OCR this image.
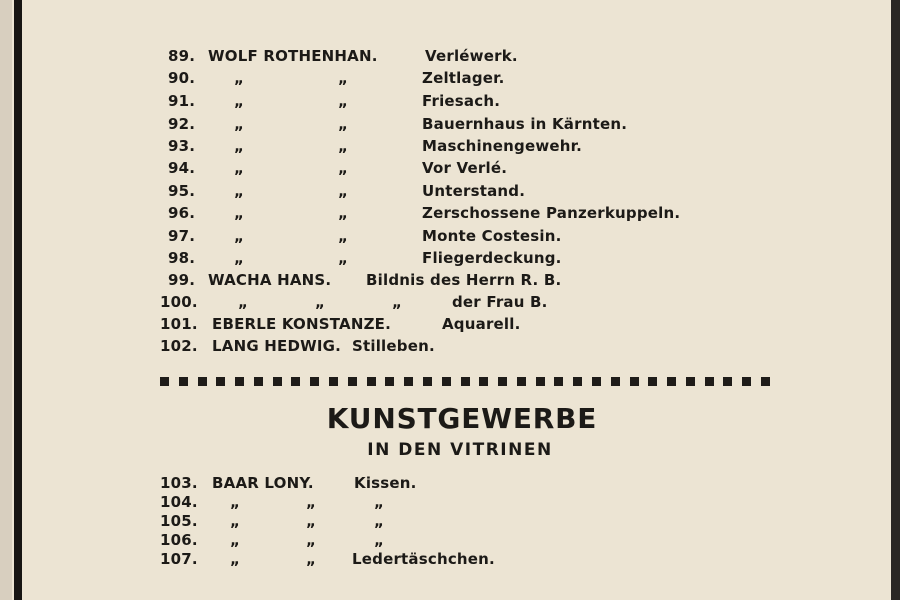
89. WOLF ROTHENHAN.	Verléwerk.
90.	„	„	Zeltlager.
91.	„	„	Friesach.
92.	„	„	Bauernhaus in Kärnten.
93.	„	„	Maschinengewehr.
94.	„	„	Vor Verlé.
95.	„	„	Unterstand.
96.	„	„	Zerschossene Panzerkuppeln.
97.	„	„	Monte Costesin.
98.	„	„	Fliegerdeckung.
99. WACHA HANS. Bildnis des Herrn R. B.
100.	„	„	„	der Frau B.
101. EBERLE KONSTANZE.	Aquarell.
102. LANG HEDWIG. Stilleben.
KUNSTGEWERBE
IN DEN VITRINEN
103. BAAR LONY.	Kissen.
104. „	„	„
105. „	„	„
106. „	„	„
107. „	„ Ledertäschchen.
